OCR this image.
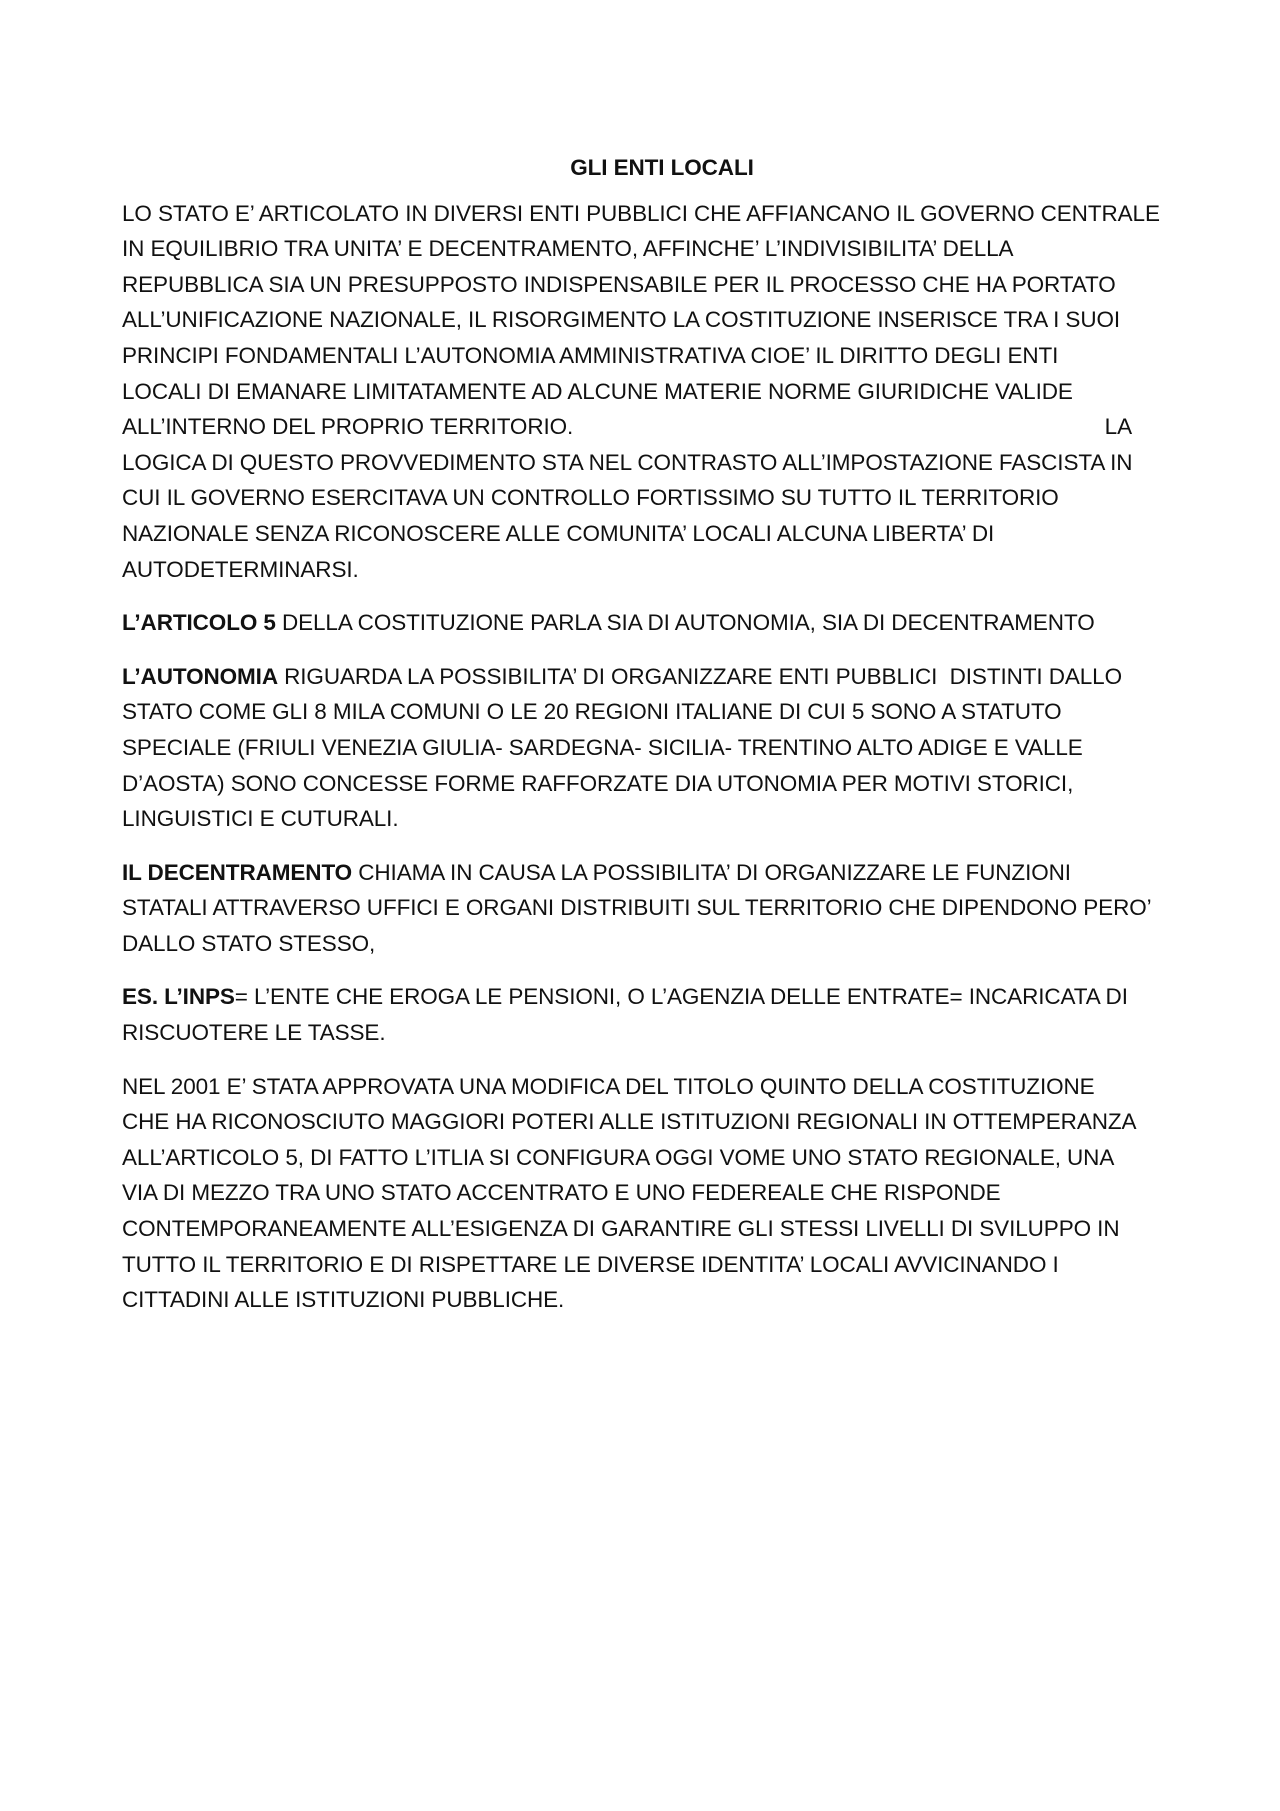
GLI ENTI LOCALI
LO STATO E’ ARTICOLATO IN DIVERSI ENTI PUBBLICI CHE AFFIANCANO IL GOVERNO CENTRALE
IN EQUILIBRIO TRA UNITA’ E DECENTRAMENTO, AFFINCHE’ L’INDIVISIBILITA’ DELLA
REPUBBLICA SIA UN PRESUPPOSTO INDISPENSABILE PER IL PROCESSO CHE HA PORTATO
ALL’UNIFICAZIONE NAZIONALE, IL RISORGIMENTO LA COSTITUZIONE INSERISCE TRA I SUOI
PRINCIPI FONDAMENTALI L’AUTONOMIA AMMINISTRATIVA CIOE’ IL DIRITTO DEGLI ENTI
LOCALI DI EMANARE LIMITATAMENTE AD ALCUNE MATERIE NORME GIURIDICHE VALIDE
ALL’INTERNO DEL PROPRIO TERRITORIO.	LA
LOGICA DI QUESTO PROVVEDIMENTO STA NEL CONTRASTO ALL’IMPOSTAZIONE FASCISTA IN
CUI IL GOVERNO ESERCITAVA UN CONTROLLO FORTISSIMO SU TUTTO IL TERRITORIO
NAZIONALE SENZA RICONOSCERE ALLE COMUNITA’ LOCALI ALCUNA LIBERTA’ DI
AUTODETERMINARSI.
L’ARTICOLO 5 DELLA COSTITUZIONE PARLA SIA DI AUTONOMIA, SIA DI DECENTRAMENTO
L’AUTONOMIA RIGUARDA LA POSSIBILITA’ DI ORGANIZZARE ENTI PUBBLICI  DISTINTI DALLO
STATO COME GLI 8 MILA COMUNI O LE 20 REGIONI ITALIANE DI CUI 5 SONO A STATUTO
SPECIALE (FRIULI VENEZIA GIULIA- SARDEGNA- SICILIA- TRENTINO ALTO ADIGE E VALLE
D’AOSTA) SONO CONCESSE FORME RAFFORZATE DIA UTONOMIA PER MOTIVI STORICI,
LINGUISTICI E CUTURALI.
IL DECENTRAMENTO CHIAMA IN CAUSA LA POSSIBILITA’ DI ORGANIZZARE LE FUNZIONI
STATALI ATTRAVERSO UFFICI E ORGANI DISTRIBUITI SUL TERRITORIO CHE DIPENDONO PERO’
DALLO STATO STESSO,
ES. L’INPS= L’ENTE CHE EROGA LE PENSIONI, O L’AGENZIA DELLE ENTRATE= INCARICATA DI
RISCUOTERE LE TASSE.
NEL 2001 E’ STATA APPROVATA UNA MODIFICA DEL TITOLO QUINTO DELLA COSTITUZIONE
CHE HA RICONOSCIUTO MAGGIORI POTERI ALLE ISTITUZIONI REGIONALI IN OTTEMPERANZA
ALL’ARTICOLO 5, DI FATTO L’ITLIA SI CONFIGURA OGGI VOME UNO STATO REGIONALE, UNA
VIA DI MEZZO TRA UNO STATO ACCENTRATO E UNO FEDEREALE CHE RISPONDE
CONTEMPORANEAMENTE ALL’ESIGENZA DI GARANTIRE GLI STESSI LIVELLI DI SVILUPPO IN
TUTTO IL TERRITORIO E DI RISPETTARE LE DIVERSE IDENTITA’ LOCALI AVVICINANDO I
CITTADINI ALLE ISTITUZIONI PUBBLICHE.
